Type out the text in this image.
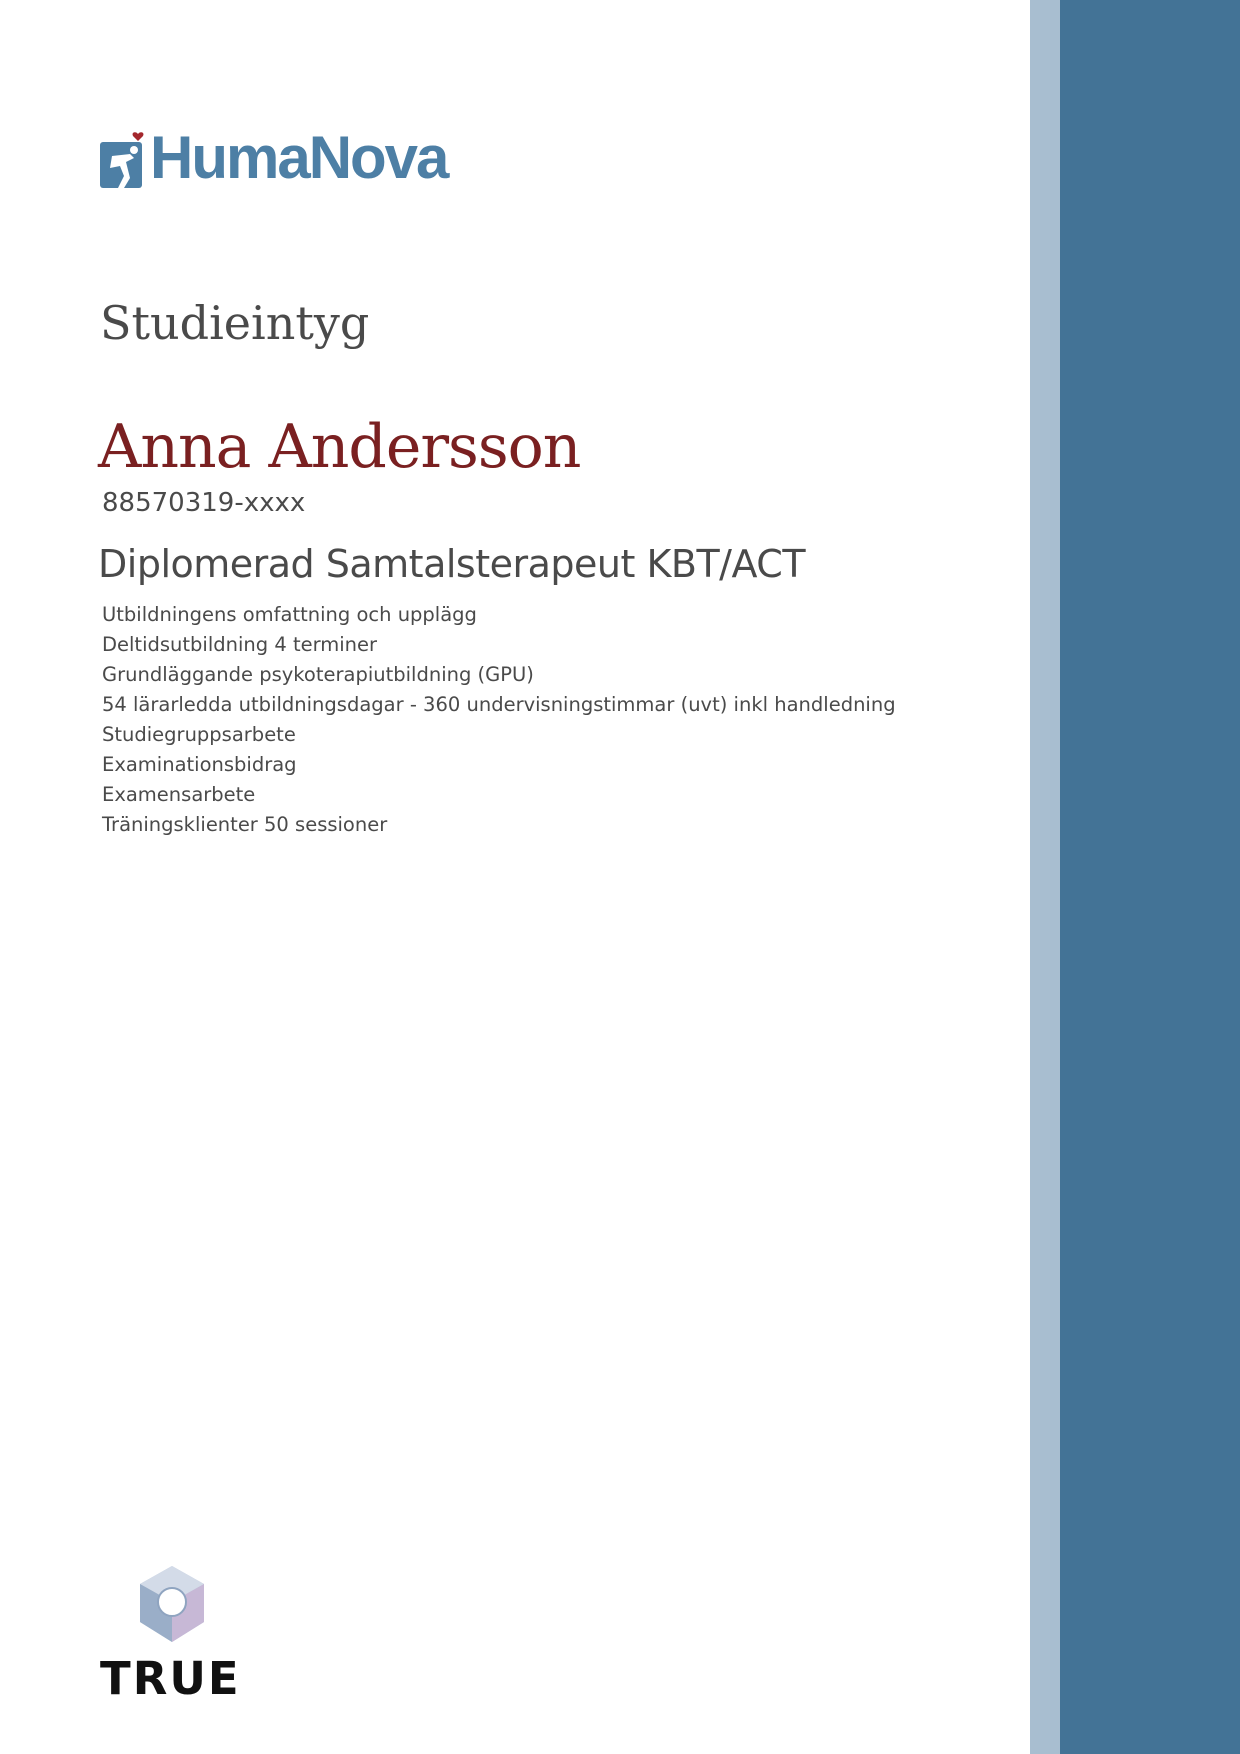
HumaNova
Studieintyg
Anna Andersson
88570319-xxxx
Diplomerad Samtalsterapeut KBT/ACT
Utbildningens omfattning och upplägg
Deltidsutbildning 4 terminer
Grundläggande psykoterapiutbildning (GPU)
54 lärarledda utbildningsdagar - 360 undervisningstimmar (uvt) inkl handledning
Studiegruppsarbete
Examinationsbidrag
Examensarbete
Träningsklienter 50 sessioner
TRUE
